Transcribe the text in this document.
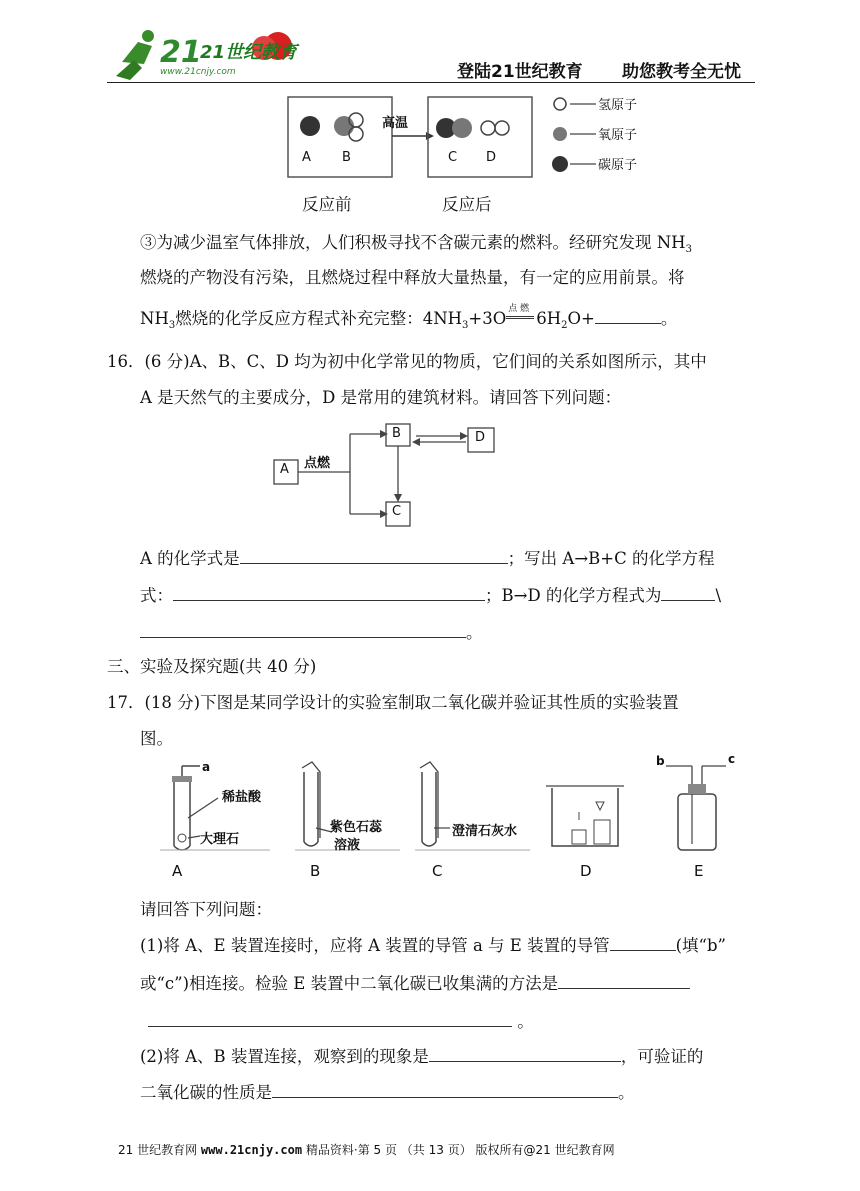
21
21世纪教育
www.21cnjy.com	登陆21世纪教育 助您教考全无忧
高温
A B	C D
氢原子
氧原子
碳原子
反应前	反应后
③为减少温室气体排放，人们积极寻找不含碳元素的燃料。经研究发现 $NH_3$
燃烧的产物没有污染，且燃烧过程中释放大量热量，有一定的应用前景。将
$NH_3$燃烧的化学反应方程式补充完整：$4NH_3+3O$ 点 燃 $6H_2O+$	。
16．(6 分)A、B、C、D 均为初中化学常见的物质，它们间的关系如图所示，其中
A 是天然气的主要成分，D 是常用的建筑材料。请回答下列问题：
A
B
C
D
点燃
A 的化学式是	；写出 A→B+C 的化学方程
式：	；B→D 的化学方程式为	\
。
三、实验及探究题(共 40 分)
17．(18 分)下图是某同学设计的实验室制取二氧化碳并验证其性质的实验装置
图。
a
稀盐酸
大理石
紫色石蕊
溶液
澄清石灰水
b	c
A	B	C	D	E
请回答下列问题：
(1)将 A、E 装置连接时，应将 A 装置的导管 a 与 E 装置的导管	(填“b”
或“c”)相连接。检验 E 装置中二氧化碳已收集满的方法是
。
(2)将 A、B 装置连接，观察到的现象是	，可验证的
二氧化碳的性质是	。
21 世纪教育网 www.21cnjy.com 精品资料·第 5 页 （共 13 页） 版权所有@21 世纪教育网
